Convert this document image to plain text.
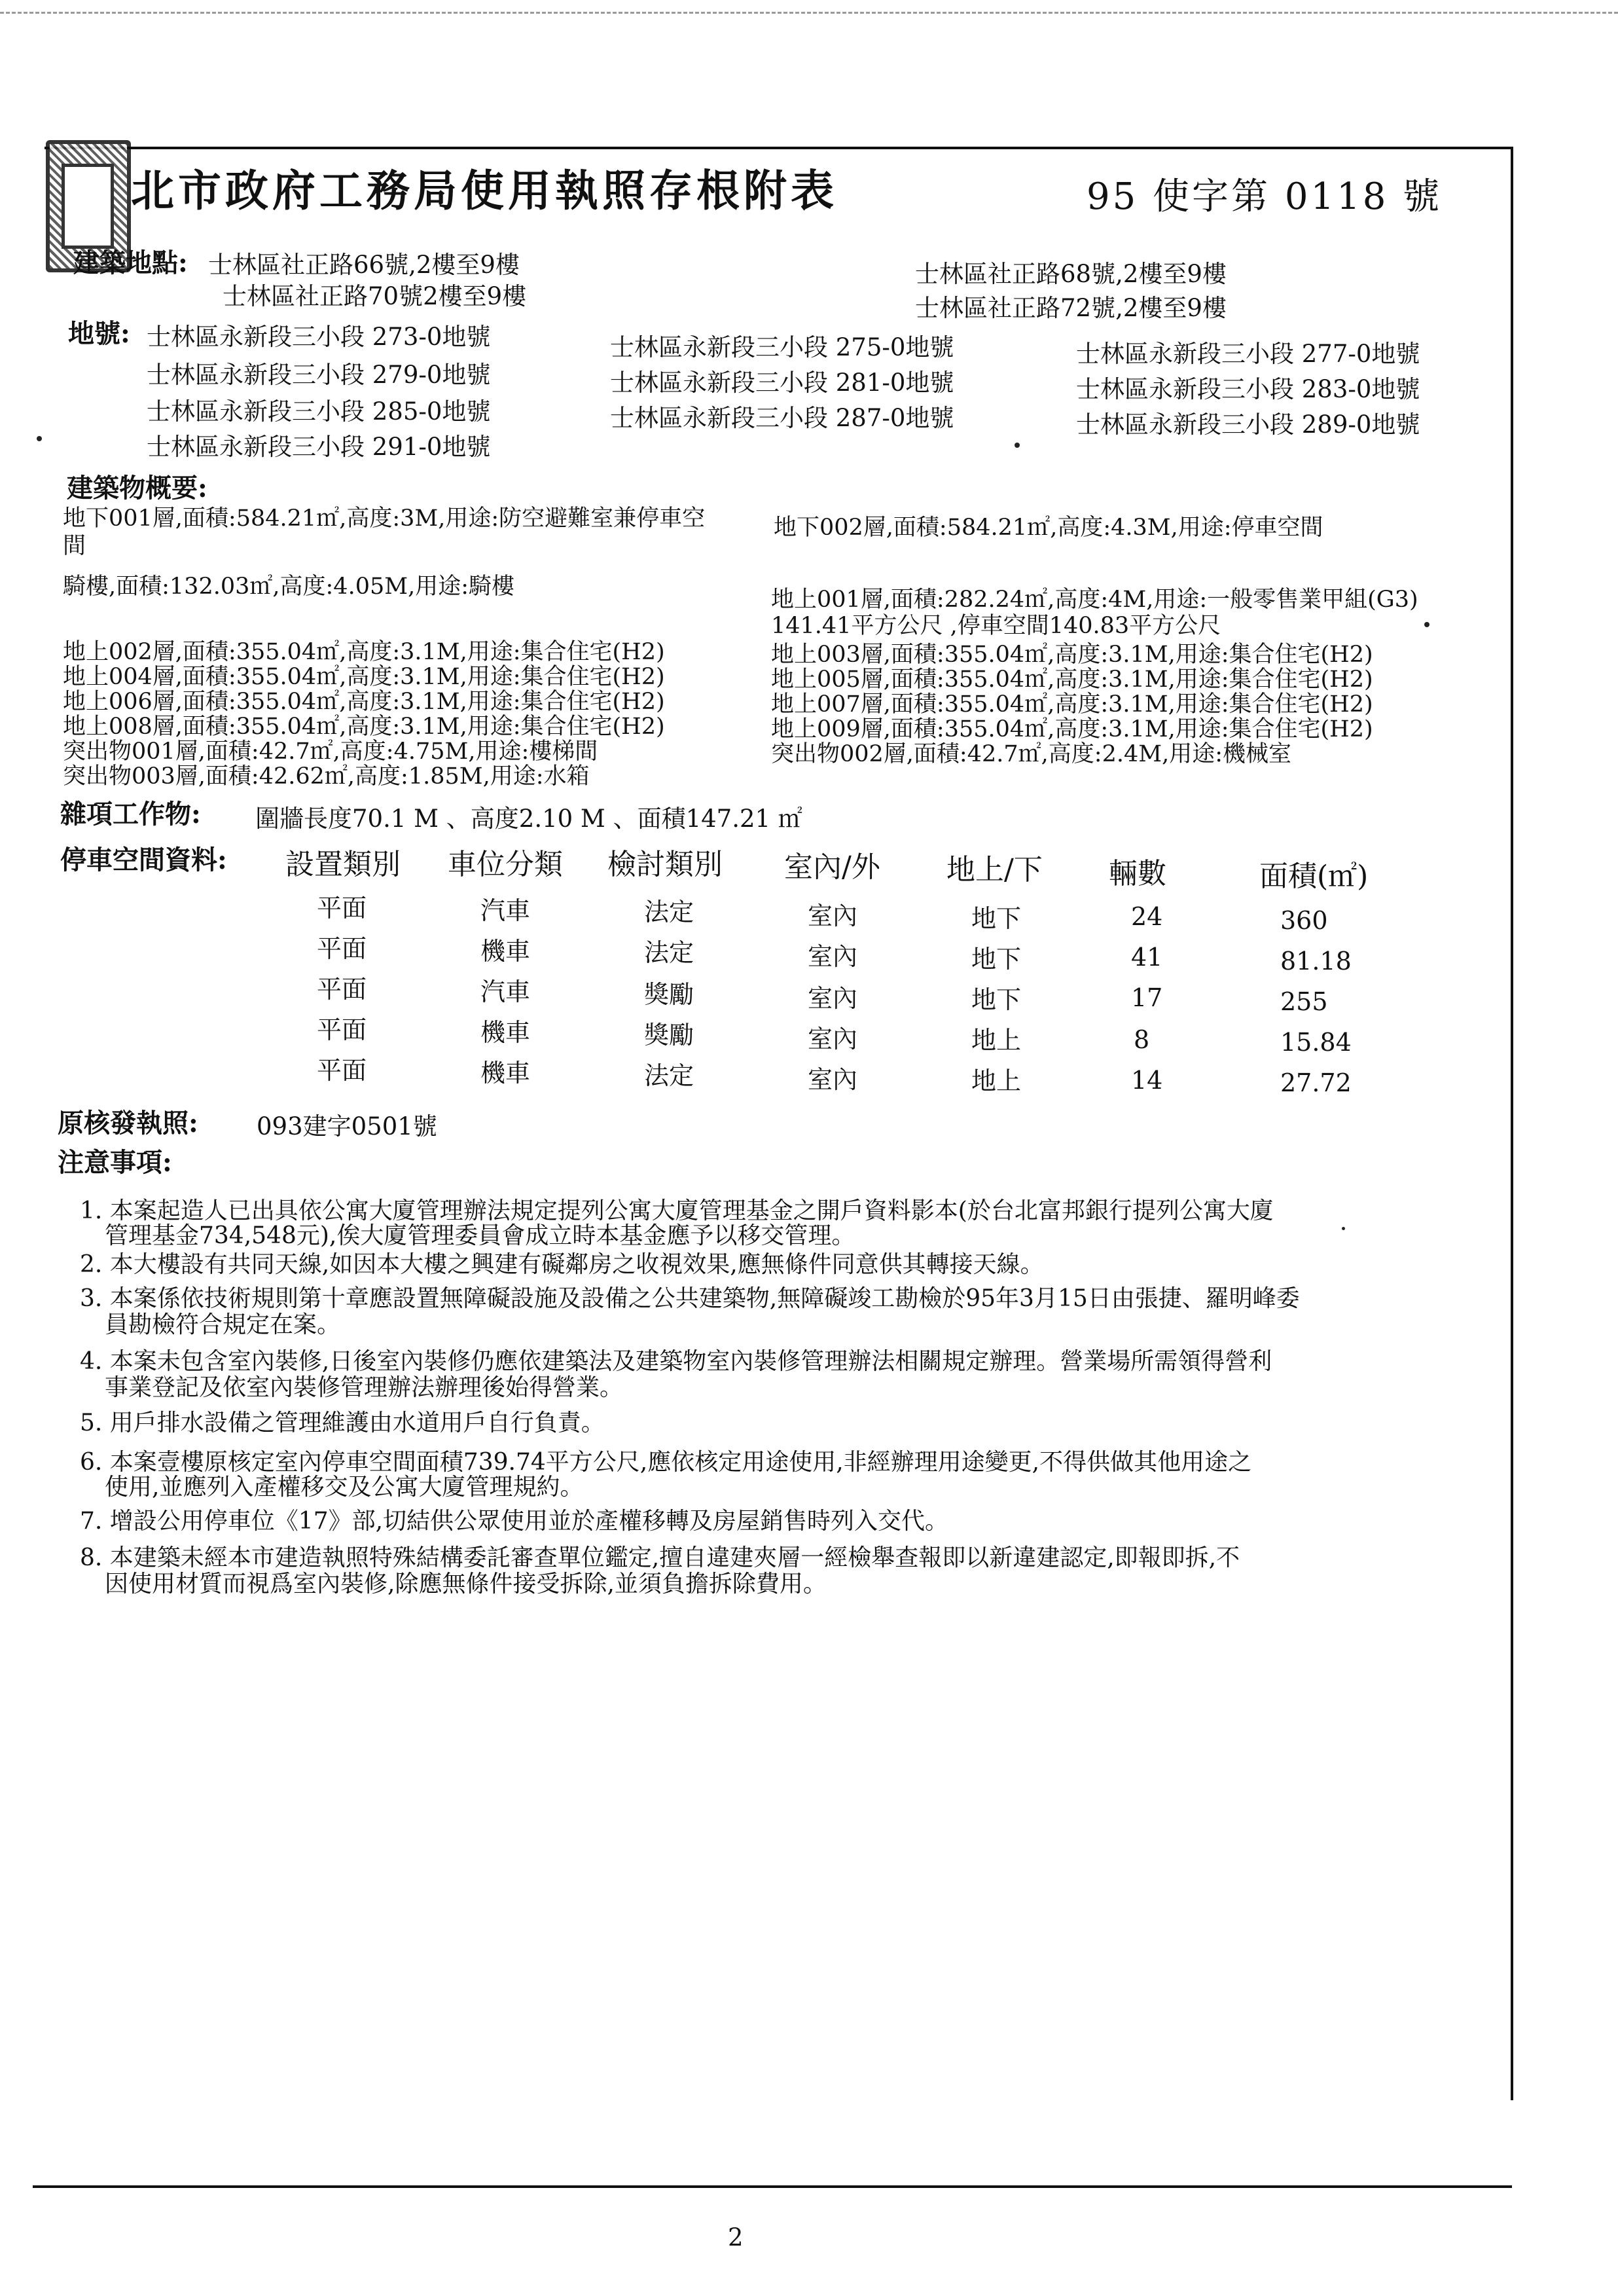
北市政府工務局使用執照存根附表	95 使字第 0118 號
建築地點: 士林區社正路66號,2樓至9樓
士林區社正路70號2樓至9樓
士林區社正路68號,2樓至9樓
士林區社正路72號,2樓至9樓
地號: 士林區永新段三小段 273-0地號
士林區永新段三小段 279-0地號
士林區永新段三小段 285-0地號
士林區永新段三小段 291-0地號
士林區永新段三小段 275-0地號
士林區永新段三小段 281-0地號
士林區永新段三小段 287-0地號
士林區永新段三小段 277-0地號
士林區永新段三小段 283-0地號
士林區永新段三小段 289-0地號
建築物概要:
地下001層,面積:584.21㎡,高度:3M,用途:防空避難室兼停車空
間
地下002層,面積:584.21㎡,高度:4.3M,用途:停車空間
騎樓,面積:132.03㎡,高度:4.05M,用途:騎樓	地上001層,面積:282.24㎡,高度:4M,用途:一般零售業甲組(G3)
141.41平方公尺 ,停車空間140.83平方公尺
地上002層,面積:355.04㎡,高度:3.1M,用途:集合住宅(H2)
地上004層,面積:355.04㎡,高度:3.1M,用途:集合住宅(H2)
地上006層,面積:355.04㎡,高度:3.1M,用途:集合住宅(H2)
地上008層,面積:355.04㎡,高度:3.1M,用途:集合住宅(H2)
突出物001層,面積:42.7㎡,高度:4.75M,用途:樓梯間
突出物003層,面積:42.62㎡,高度:1.85M,用途:水箱
地上003層,面積:355.04㎡,高度:3.1M,用途:集合住宅(H2)
地上005層,面積:355.04㎡,高度:3.1M,用途:集合住宅(H2)
地上007層,面積:355.04㎡,高度:3.1M,用途:集合住宅(H2)
地上009層,面積:355.04㎡,高度:3.1M,用途:集合住宅(H2)
突出物002層,面積:42.7㎡,高度:2.4M,用途:機械室
雜項工作物: 圍牆長度70.1 M 、高度2.10 M 、面積147.21 ㎡
停車空間資料: 設置類別 車位分類 檢討類別 室內/外 地上/下 輛數	面積(㎡)
平面	汽車	法定	室內	地下	24	360
平面	機車	法定	室內	地下	41	81.18
平面	汽車	獎勵	室內	地下	17	255
平面	機車	獎勵	室內	地上	8	15.84
平面	機車	法定	室內	地上	14	27.72
原核發執照: 093建字0501號
注意事項:
1. 本案起造人已出具依公寓大廈管理辦法規定提列公寓大廈管理基金之開戶資料影本(於台北富邦銀行提列公寓大廈
管理基金734,548元),俟大廈管理委員會成立時本基金應予以移交管理。
2. 本大樓設有共同天線,如因本大樓之興建有礙鄰房之收視效果,應無條件同意供其轉接天線。
3. 本案係依技術規則第十章應設置無障礙設施及設備之公共建築物,無障礙竣工勘檢於95年3月15日由張捷、羅明峰委
員勘檢符合規定在案。
4. 本案未包含室內裝修,日後室內裝修仍應依建築法及建築物室內裝修管理辦法相關規定辦理。營業場所需領得營利
事業登記及依室內裝修管理辦法辦理後始得營業。
5. 用戶排水設備之管理維護由水道用戶自行負責。
6. 本案壹樓原核定室內停車空間面積739.74平方公尺,應依核定用途使用,非經辦理用途變更,不得供做其他用途之
使用,並應列入產權移交及公寓大廈管理規約。
7. 增設公用停車位《17》部,切結供公眾使用並於產權移轉及房屋銷售時列入交代。
8. 本建築未經本市建造執照特殊結構委託審查單位鑑定,擅自違建夾層一經檢舉查報即以新違建認定,即報即拆,不
因使用材質而視爲室內裝修,除應無條件接受拆除,並須負擔拆除費用。
2
